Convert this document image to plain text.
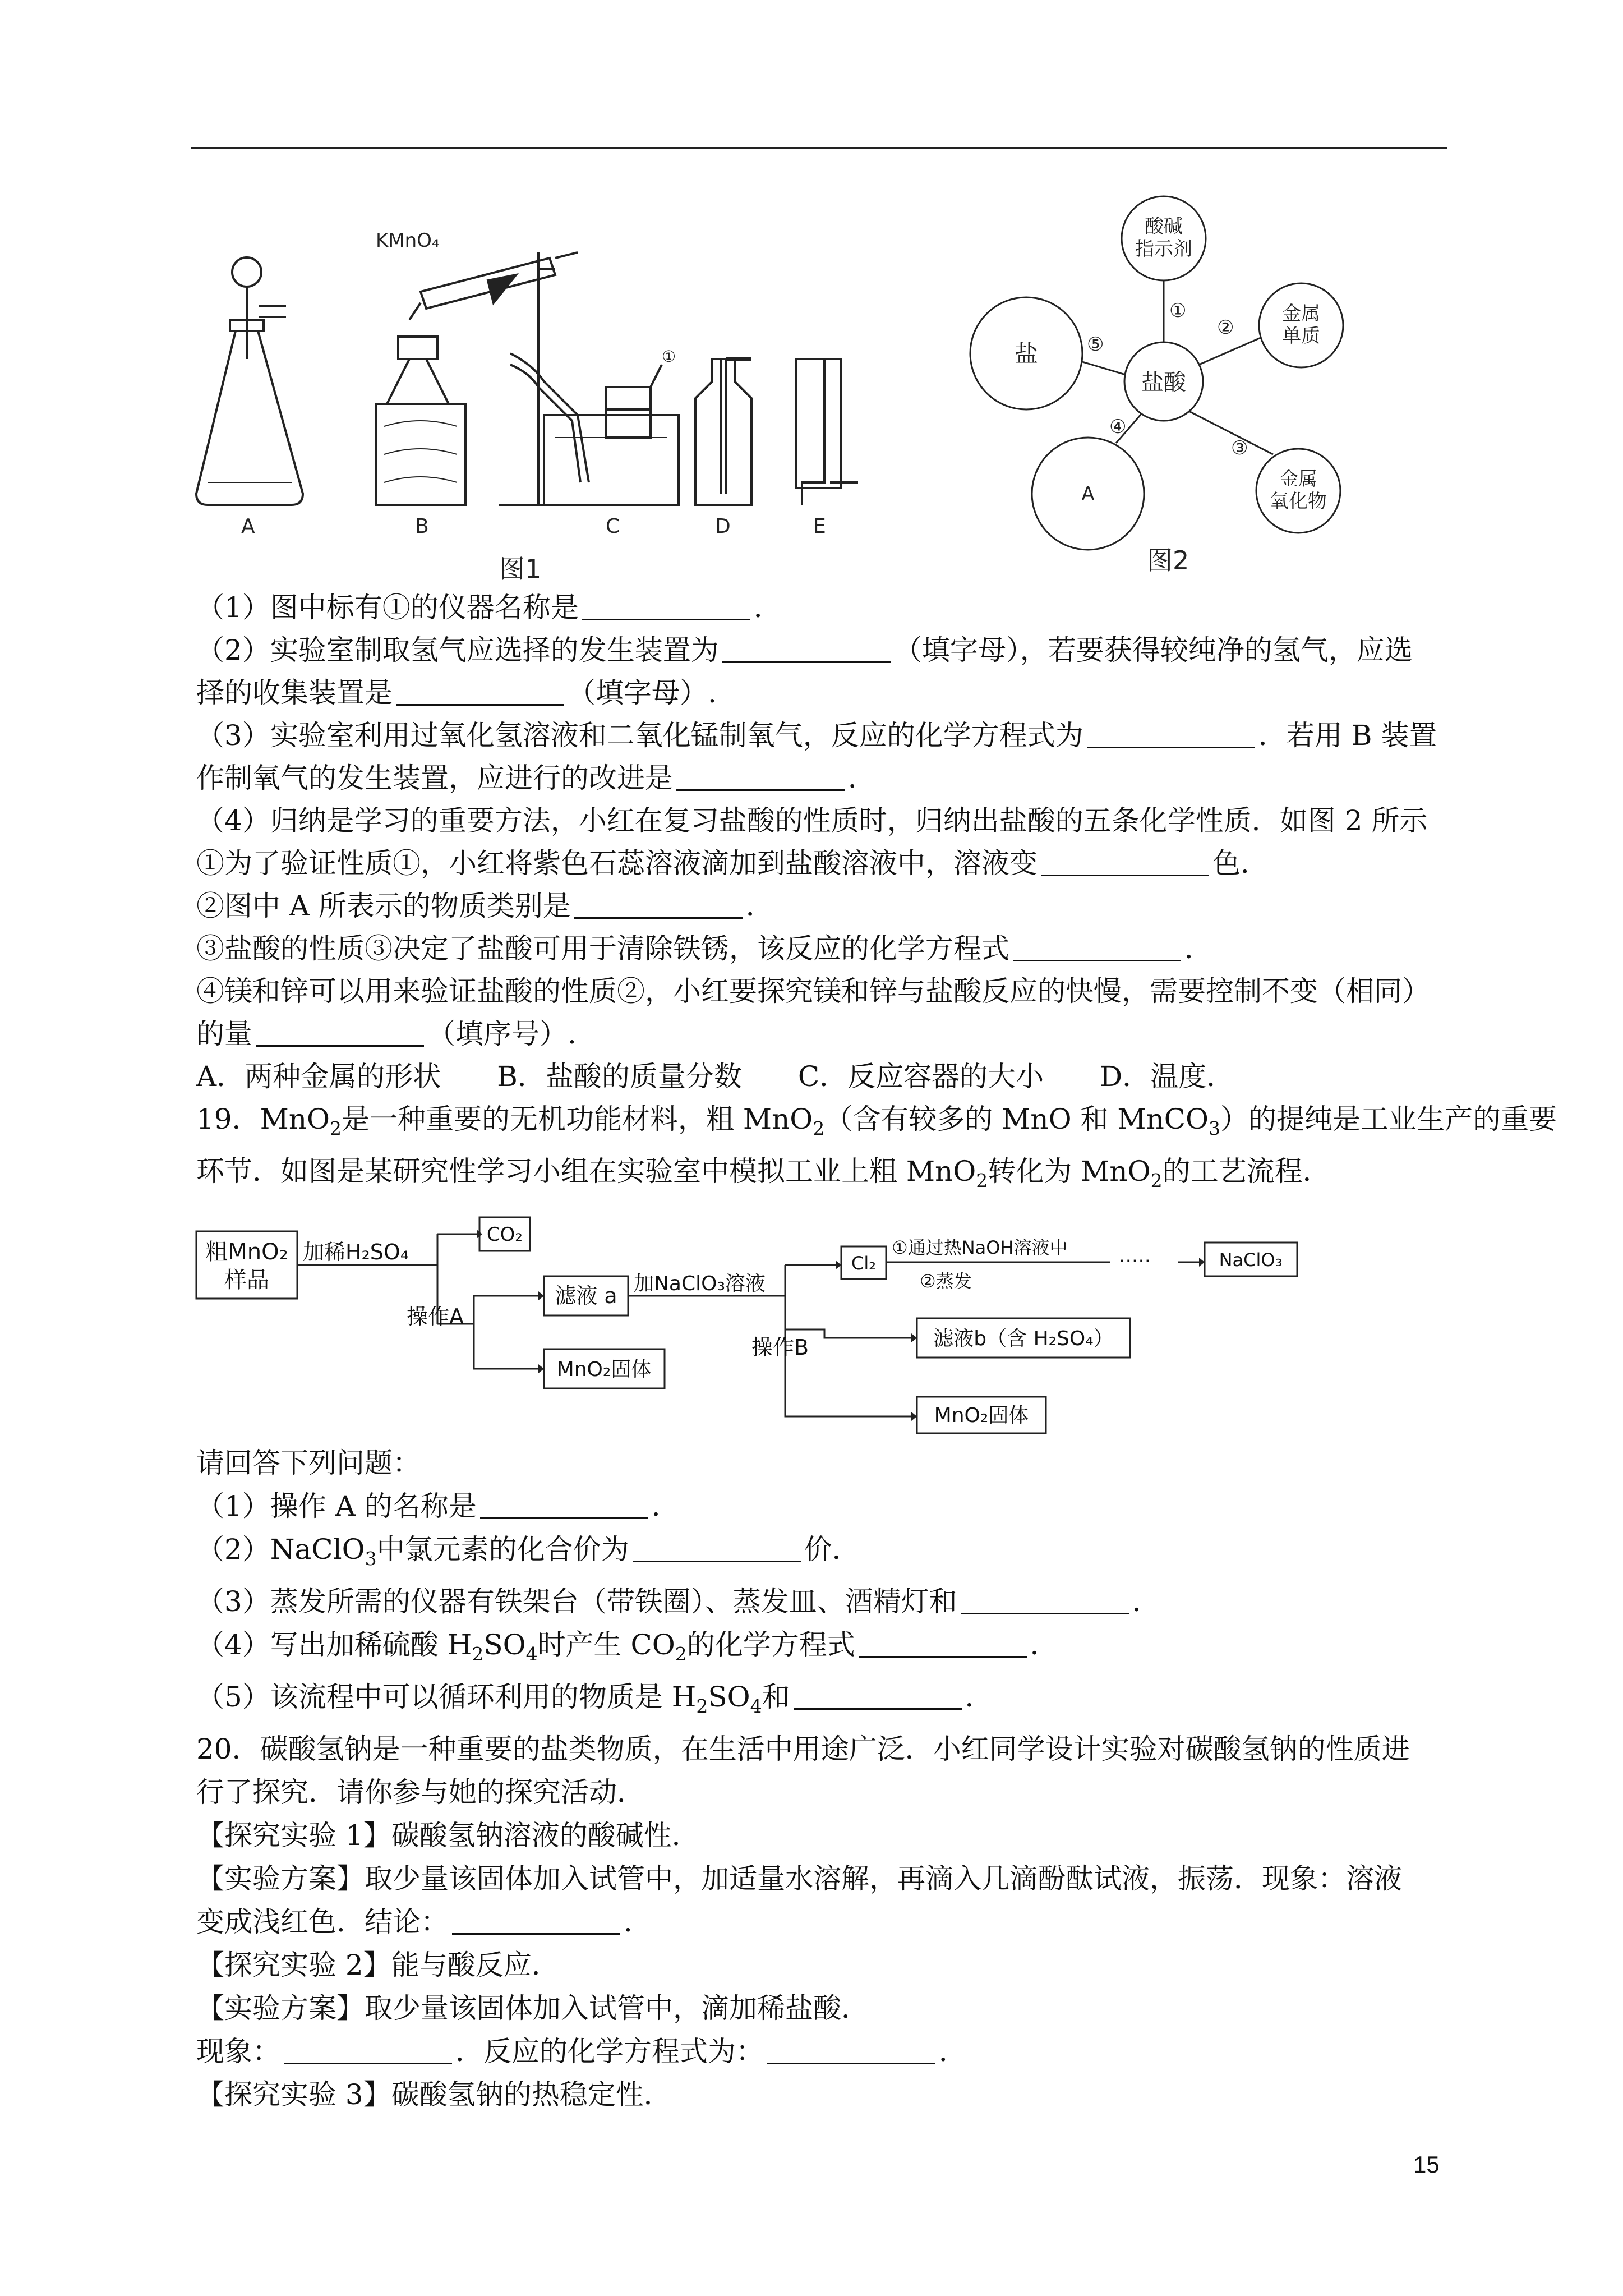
A
KMnO₄
B
①
C	D	E
图1
盐酸
酸碱
指示剂
金属
单质
金属
氧化物
A
盐
①
②
③
④
⑤
图2

（1）图中标有①的仪器名称是	．

（2）实验室制取氢气应选择的发生装置为	（填字母），若要获得较纯净的氢气，应选

择的收集装置是	（填字母）.

（3）实验室利用过氧化氢溶液和二氧化锰制氧气，反应的化学方程式为	．若用 B 装置

作制氧气的发生装置，应进行的改进是	．

（4）归纳是学习的重要方法，小红在复习盐酸的性质时，归纳出盐酸的五条化学性质．如图 2 所示

①为了验证性质①，小红将紫色石蕊溶液滴加到盐酸溶液中，溶液变	色．

②图中 A 所表示的物质类别是	．

③盐酸的性质③决定了盐酸可用于清除铁锈，该反应的化学方程式	．

④镁和锌可以用来验证盐酸的性质②，小红要探究镁和锌与盐酸反应的快慢，需要控制不变（相同）

的量	（填序号）.

A．两种金属的形状　　B．盐酸的质量分数　　C．反应容器的大小　　D．温度．

19．MnO$_2$是一种重要的无机功能材料，粗 MnO$_2$（含有较多的 MnO 和 MnCO$_3$）的提纯是工业生产的重要

环节．如图是某研究性学习小组在实验室中模拟工业上粗 MnO$_2$转化为 MnO$_2$的工艺流程．

粗MnO₂
样品
加稀H₂SO₄
CO₂
操作A
滤液 a
MnO₂固体
加NaClO₃溶液
Cl₂
①通过热NaOH溶液中
②蒸发
·····	NaClO₃
操作B	滤液b（含 H₂SO₄）
MnO₂固体

请回答下列问题：

（1）操作 A 的名称是	．

（2）NaClO$_3$中氯元素的化合价为	价．

（3）蒸发所需的仪器有铁架台（带铁圈）、蒸发皿、酒精灯和	．

（4）写出加稀硫酸 $H_2SO_4$时产生 $CO_2$的化学方程式	．

（5）该流程中可以循环利用的物质是 $H_2SO_4$和	．

20．碳酸氢钠是一种重要的盐类物质，在生活中用途广泛．小红同学设计实验对碳酸氢钠的性质进

行了探究．请你参与她的探究活动．

【探究实验 1】碳酸氢钠溶液的酸碱性．

【实验方案】取少量该固体加入试管中，加适量水溶解，再滴入几滴酚酞试液，振荡．现象：溶液

变成浅红色．结论：	．

【探究实验 2】能与酸反应．

【实验方案】取少量该固体加入试管中，滴加稀盐酸．

现象：	．反应的化学方程式为：	．

【探究实验 3】碳酸氢钠的热稳定性．

15
